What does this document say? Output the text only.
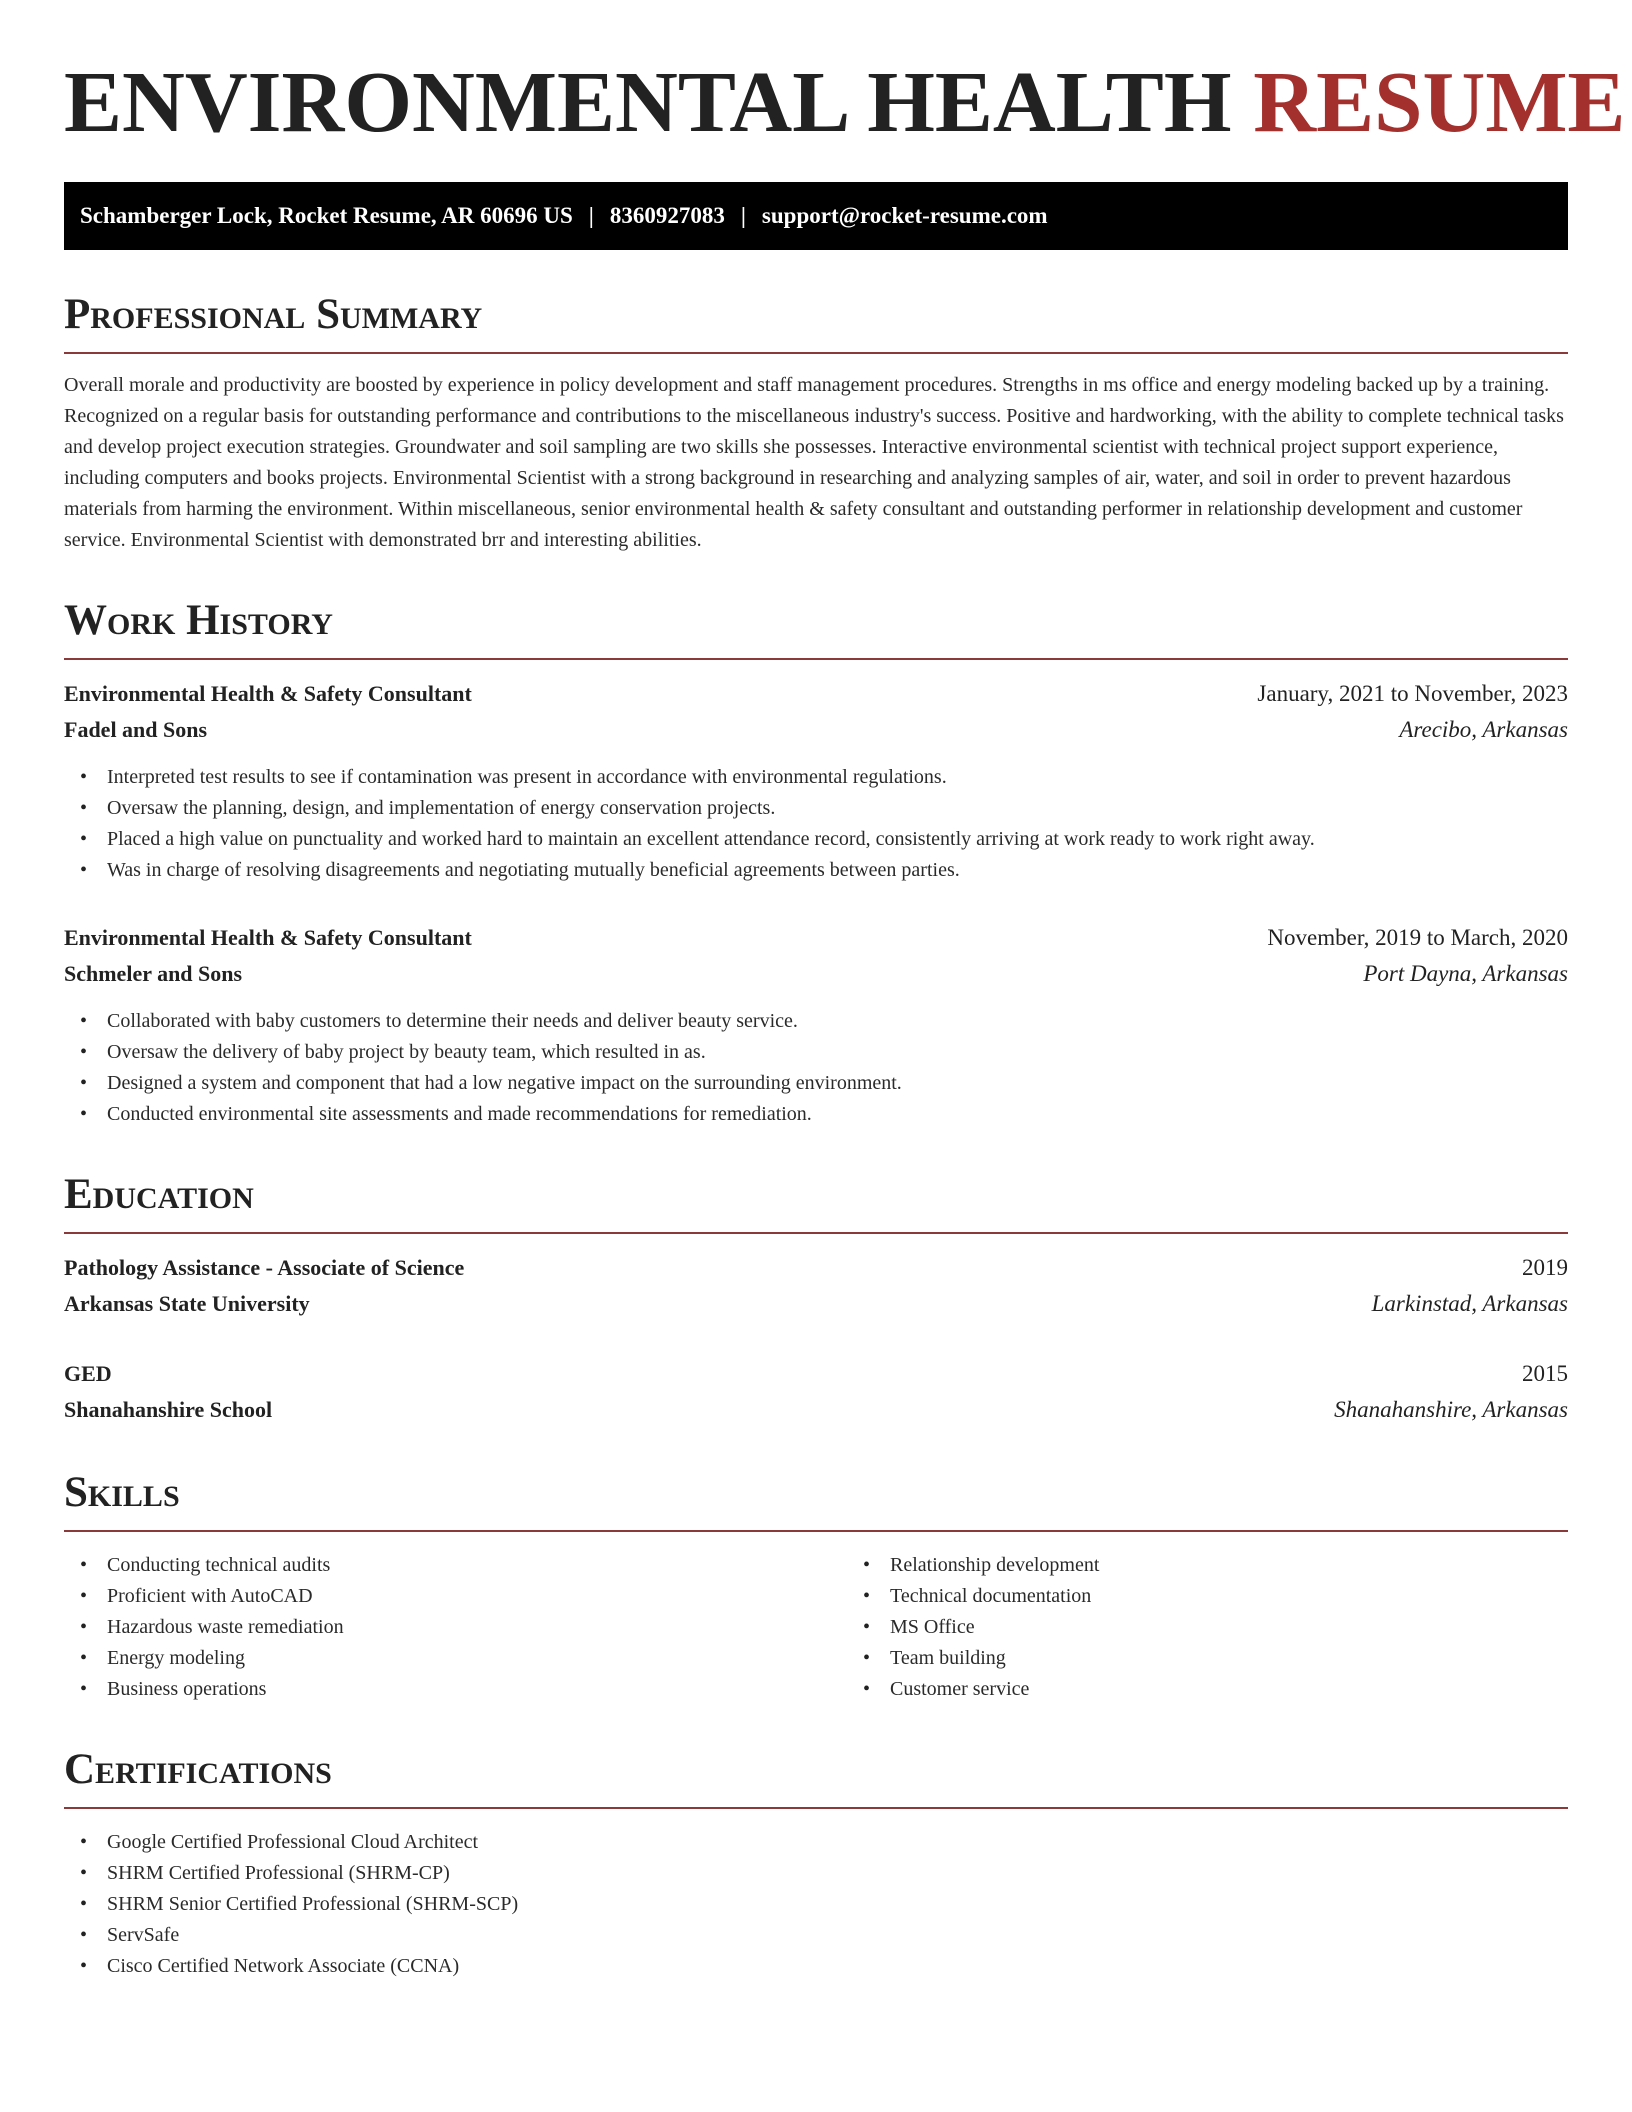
ENVIRONMENTAL HEALTH RESUME
Schamberger Lock, Rocket Resume, AR 60696 US | 8360927083 | support@rocket-resume.com
Professional Summary

Overall morale and productivity are boosted by experience in policy development and staff management procedures. Strengths in ms office and energy modeling backed up by a training. Recognized on a regular basis for outstanding performance and contributions to the miscellaneous industry's success. Positive and hardworking, with the ability to complete technical tasks and develop project execution strategies. Groundwater and soil sampling are two skills she possesses. Interactive environmental scientist with technical project support experience, including computers and books projects. Environmental Scientist with a strong background in researching and analyzing samples of air, water, and soil in order to prevent hazardous materials from harming the environment. Within miscellaneous, senior environmental health & safety consultant and outstanding performer in relationship development and customer service. Environmental Scientist with demonstrated brr and interesting abilities.

Work History
Environmental Health & Safety Consultant	January, 2021 to November, 2023
Fadel and Sons	Arecibo, Arkansas
• Interpreted test results to see if contamination was present in accordance with environmental regulations.
• Oversaw the planning, design, and implementation of energy conservation projects.
• Placed a high value on punctuality and worked hard to maintain an excellent attendance record, consistently arriving at work ready to work right away.
• Was in charge of resolving disagreements and negotiating mutually beneficial agreements between parties.
Environmental Health & Safety Consultant	November, 2019 to March, 2020
Schmeler and Sons	Port Dayna, Arkansas
• Collaborated with baby customers to determine their needs and deliver beauty service.
• Oversaw the delivery of baby project by beauty team, which resulted in as.
• Designed a system and component that had a low negative impact on the surrounding environment.
• Conducted environmental site assessments and made recommendations for remediation.
Education
Pathology Assistance - Associate of Science	2019
Arkansas State University	Larkinstad, Arkansas
GED	2015
Shanahanshire School	Shanahanshire, Arkansas
Skills
• Conducting technical audits
• Proficient with AutoCAD
• Hazardous waste remediation
• Energy modeling
• Business operations
• Relationship development
• Technical documentation
• MS Office
• Team building
• Customer service
Certifications
• Google Certified Professional Cloud Architect
• SHRM Certified Professional (SHRM-CP)
• SHRM Senior Certified Professional (SHRM-SCP)
• ServSafe
• Cisco Certified Network Associate (CCNA)
